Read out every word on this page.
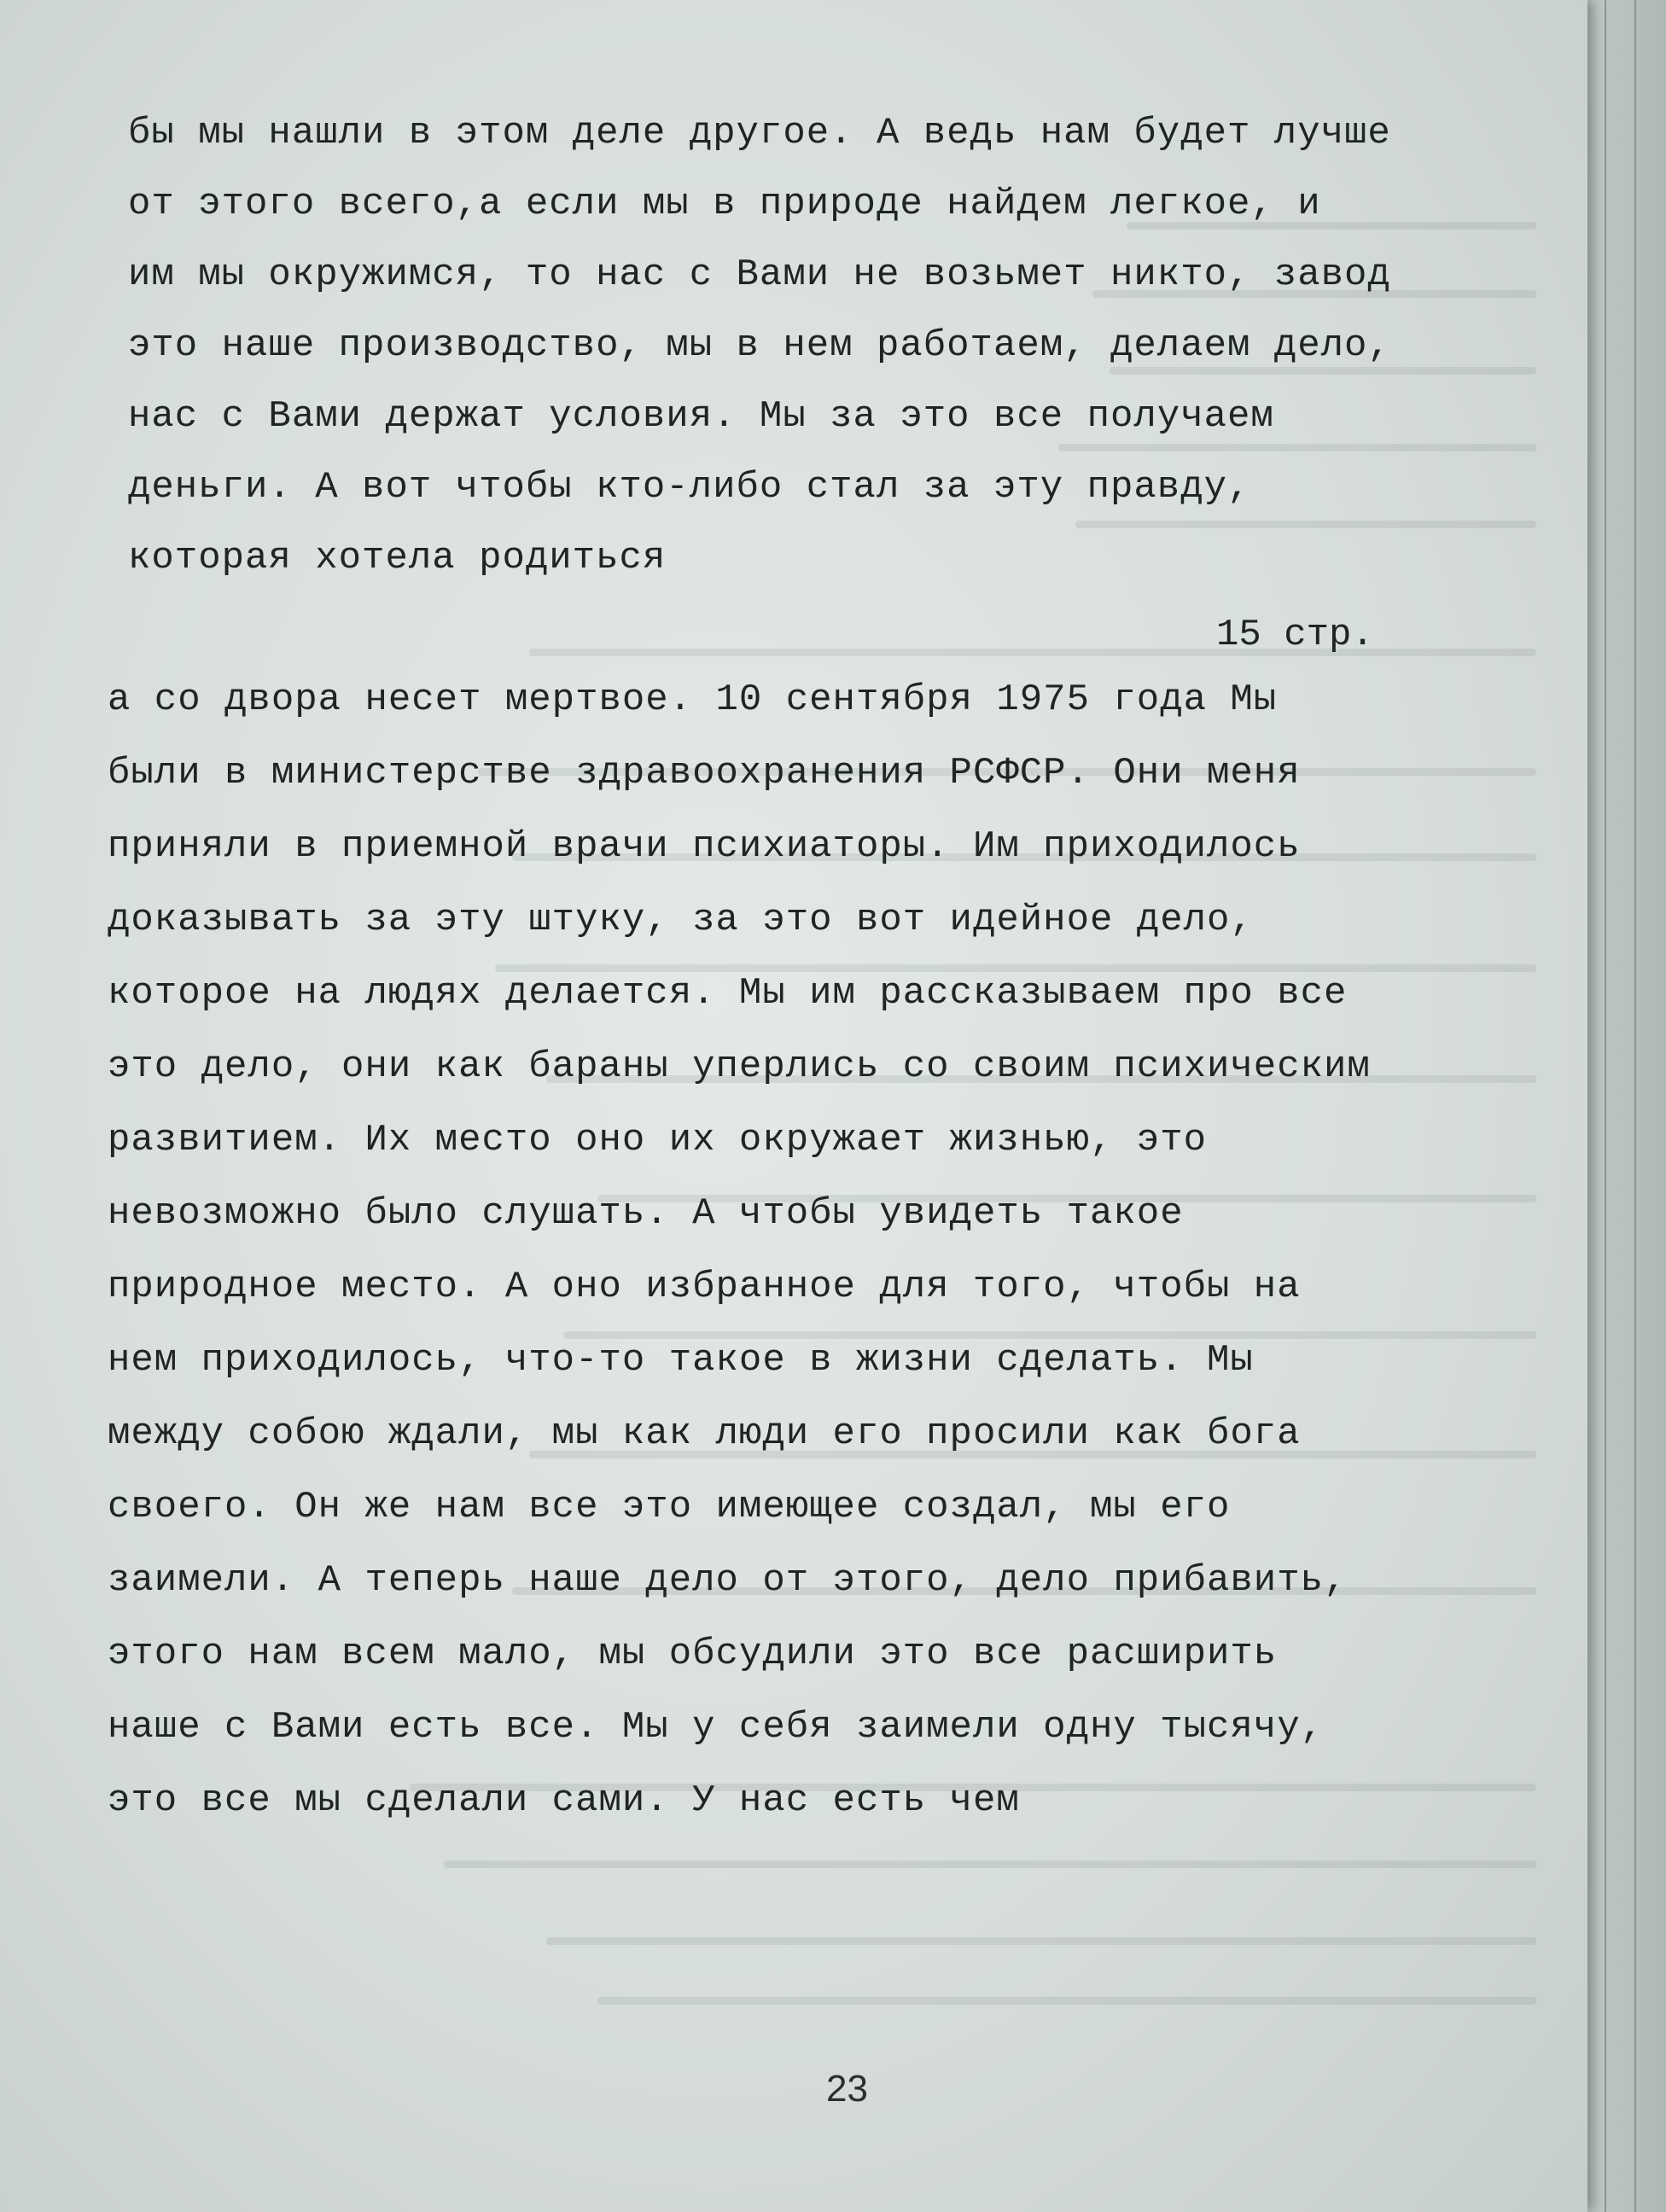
бы мы нашли в этом деле другое. А ведь нам будет лучше
от этого всего,а если мы в природе найдем легкое, и
им мы окружимся, то нас с Вами не возьмет никто, завод
это наше производство, мы в нем работаем, делаем дело,
нас с Вами держат условия. Мы за это все получаем
деньги. А вот чтобы кто-либо стал за эту правду,
которая хотела родиться
15 стр.
а со двора несет мертвое. 10 сентября 1975 года Мы
были в министерстве здравоохранения РСФСР. Они меня
приняли в приемной врачи психиаторы. Им приходилось
доказывать за эту штуку, за это вот идейное дело,
которое на людях делается. Мы им рассказываем про все
это дело, они как бараны уперлись со своим психическим
развитием. Их место оно их окружает жизнью, это
невозможно было слушать. А чтобы увидеть такое
природное место. А оно избранное для того, чтобы на
нем приходилось, что-то такое в жизни сделать. Мы
между собою ждали, мы как люди его просили как бога
своего. Он же нам все это имеющее создал, мы его
заимели. А теперь наше дело от этого, дело прибавить,
этого нам всем мало, мы обсудили это все расширить
наше с Вами есть все. Мы у себя заимели одну тысячу,
это все мы сделали сами. У нас есть чем
23
